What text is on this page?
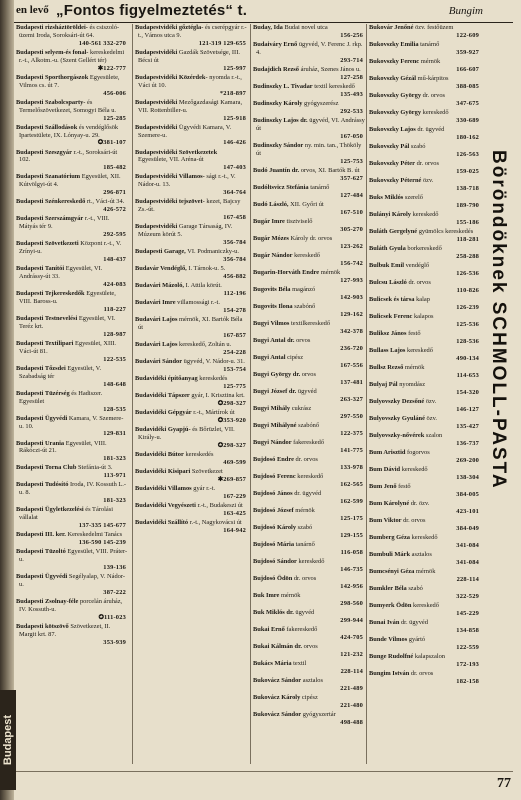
en levő „Fontos figyelmeztetés“ t.	Bungim
Budapesti rizsháztöröldei- és csiszoló-üzemi Iroda, Soroksári-út 64.
140-561 332-270
Budapesti selyem-és fonal- kereskedelmi r.-t., Alkotm.-u. (Szent Gellért tér)
✱122-777
Budapesti Sporthorgászok Egyesülete, Vilmos cs. út 7.
456-006
Budapesti Szabolcsparty- és Termelőszövetkezet, Somogyi Béla u.
125-285
Budapesti Szállodások és vendéglősök Ipartestülete, IX. Lónyay-u. 29.
✪381-107
Budapesti Szeszgyár r.-t., Soroksári-út 102.
185-482
Budapesti Szanatórium Egyesület, XII. Kútvölgyi-út 4.
296-871
Budapesti Szénkereskedő rt., Váci-út 34.
426-572
Budapesti Szerszámgyár r.-t., VIII. Mátyás tér 9.
292-595
Budapesti Szövetkezeti Központ r.-t., V. Zrínyi-u.
148-437
Budapesti Tanítói Egyesület, VI. Andrássy-út 33.
424-083
Budapesti Tejkereskedők Egyesülete, VIII. Baross-u.
118-227
Budapesti Testnevelési Egyesület, VI. Teréz krt.
128-987
Budapesti Textilipari Egyesület, XIII. Váci-út 81.
122-535
Budapesti Tőzsdei Egyesület, V. Szabadság tér
148-648
Budapesti Tüzérség és Hadiszer. Egyesület
128-535
Budapesti Ügyvédi Kamara, V. Szemere-u. 10.
129-831
Budapesti Urania Egyesület, VIII. Rákóczi-út 21.
181-323
Budapesti Torna Club Stefánia-út 3.
113-971
Budapesti Tudósító Iroda, IV. Kossuth L.-u. 8.
181-323
Budapesti Ügyletkezelési és Tárolási vállalat
137-335 145-677
Budapesti III. ker. Kereskedelmi Tanács
136-590 145-239
Budapesti Tüzoltó Egyesület, VIII. Práter-u.
139-136
Budapesti Ügyvédi Segélyalap, V. Nádor-u.
387-222
Budapesti Zsolnay-féle porcelán áruház, IV. Kossuth-u.
✪111-023
Budapesti kötszövő Szövetkezet, II. Margit krt. 87.
353-939
Budapestvidéki gőztégla- és cserépgyár r.-t., Vámos utca 9.
121-319 129-655
Budapestvidéki Gazdák Szövetsége, III. Bécsi út
125-997
Budapestvidéki Közérdek- nyomda r.-t., Váci út 10.
*218-897
Budapestvidéki Mezőgazdasági Kamara, VII. Rottenbiller-u.
125-918
Budapestvidéki Ügyvédi Kamara, V. Szemere-u.
146-426
Budapestvidéki Szövetkezetek Egyesülete, VII. Aréna-út
147-403
Budapestvidéki Villamos- sági r.-t., V. Nádor-u. 13.
364-764
Budapestvidéki tejszövet- kezet, Bajcsy Zs.-út.
167-458
Budapestvidéki Garage Társaság, IV. Múzeum körút 5.
356-784
Budapesti Garage, VI. Podmaniczky-u.
356-784
Budavár Vendéglő, I. Tárnok-u. 5.
456-882
Budavári Mázoló, I. Attila körút.
112-196
Budavári Imre villamossági r.-t.
154-278
Budavári Lajos mérnök, XI. Bartók Béla út
167-857
Budavári Lajos kereskedő, Zoltán u.
254-228
Budavári Sándor ügyvéd, V. Nádor-u. 31.
153-754
Budavidéki építőanyag kereskedés
125-775
Budavidéki Tápszer gyár, I. Krisztina krt.
✪298-327
Budavidéki Gépgyár r.-t., Mártírok út
✪353-920
Budavidéki Gyapjú- és Bőrüzlet, VII. Király-u.
✪298-327
Budavidéki Bútor kereskedés
469-599
Budavidéki Kisipari Szövetkezet
✱269-857
Budavidéki Villamos gyár r.-t.
167-229
Budavidéki Vegyészeti r.-t., Budakeszi út
163-425
Budavidéki Szállító r.-t., Nagykovácsi út
164-942
Buday, Ida Budai novel utca
156-256
Budaiváry Ernő ügyvéd, V. Ferenc J. rkp. 4.
293-714
Budajdich Rezső áruház, Szenes János u.
127-258
Budinszky L. Tivadar textil kereskedő
135-493
Budinszky Károly gyógyszerész
292-533
Budinszky Lajos dr. ügyvéd, VI. Andrássy út
167-050
Budinszky Sándor ny. min. tan., Thököly út
125-753
Budó Juantín dr. orvos, XI. Bartók B. út
357-627
Budóltsvicz Stefánia tanárnő
127-484
Budó László, XII. Győri út
167-510
Bugár Imre tisztviselő
305-270
Bugár Mózes Károly dr. orvos
123-262
Bugár Nándor kereskedő
156-742
Bugarin-Horváth Endre mérnök
127-993
Bugovits Béla magánzó
142-903
Bugovits Ilona szabónő
129-162
Bugyi Vilmos textilkereskedő
342-378
Bugyi Antal dr. orvos
236-720
Bugyi Antal cipész
167-556
Bugyi György dr. orvos
137-481
Bugyi József dr. ügyvéd
263-327
Bugyi Mihály cukrász
297-550
Bugyi Mihályné szabónő
122-375
Bugyi Nándor fakereskedő
141-775
Bujdosó Endre dr. orvos
133-978
Bujdosó Ferenc kereskedő
162-565
Bujdosó János dr. ügyvéd
162-599
Bujdosó József mérnök
125-175
Bujdosó Károly szabó
129-155
Bujdosó Mária tanárnő
116-058
Bujdosó Sándor kereskedő
146-735
Bujdosó Ödön dr. orvos
142-956
Buk Imre mérnök
298-560
Buk Miklós dr. ügyvéd
299-944
Bukai Ernő fakereskedő
424-705
Bukai Kálmán dr. orvos
121-232
Bukács Mária textil
228-114
Bukovácz Sándor asztalos
221-489
Bukovácz Károly cipész
221-480
Bukovácz Sándor gyógyszertár
498-488
Bukovár Jenőné özv. festőüzem
122-609
Bukovszky Emilia tanárnő
359-927
Bukovszky Ferenc mérnök
166-607
Bukovszky Gézál mű-kárpitos
388-085
Bukovszky György dr. orvos
347-675
Bukovszky György kereskedő
330-689
Bukovszky Lajos dr. ügyvéd
180-162
Bukovszky Pál szabó
126-563
Bukovszky Péter dr. orvos
159-025
Bukovszky Péterné özv.
138-718
Buks Miklós szerelő
189-790
Bulányi Károly kereskedő
155-186
Buláth Gergelyné gyümölcs kereskedés
118-281
Buláth Gyula borkereskedő
258-288
Bulbuk Emil vendéglő
126-536
Bulcsu László dr. orvos
110-826
Bulicsek és társa kalap
126-239
Bulicsek Ferenc kalapos
125-536
Buliksz János festő
128-536
Bullass Lajos kereskedő
490-134
Bullsz Rezső mérnök
114-653
Bulyaj Pál nyomdász
154-320
Bulyovszky Dezsőné özv.
146-127
Bulyovszky Gyuláné özv.
135-427
Bulyovszky-nővérek szalon
136-737
Bum Arisztid fogorvos
269-200
Bum Dávid kereskedő
138-304
Bum Jenő festő
384-005
Bum Károlyné dr. özv.
423-101
Bum Viktor dr. orvos
384-049
Bumberg Géza kereskedő
341-084
Bumbuli Márk asztalos
341-084
Bumcsényi Géza mérnök
228-114
Bumkler Béla szabó
322-529
Bumyerk Ödön kereskedő
145-229
Bunai Iván dr. ügyvéd
134-858
Bunde Vilmos gyártó
122-559
Bunge Rudolfné kalapszalon
172-193
Bungim István dr. orvos
182-158
Böröndöknek SCHMOLL-PASTA
Budapest
77
